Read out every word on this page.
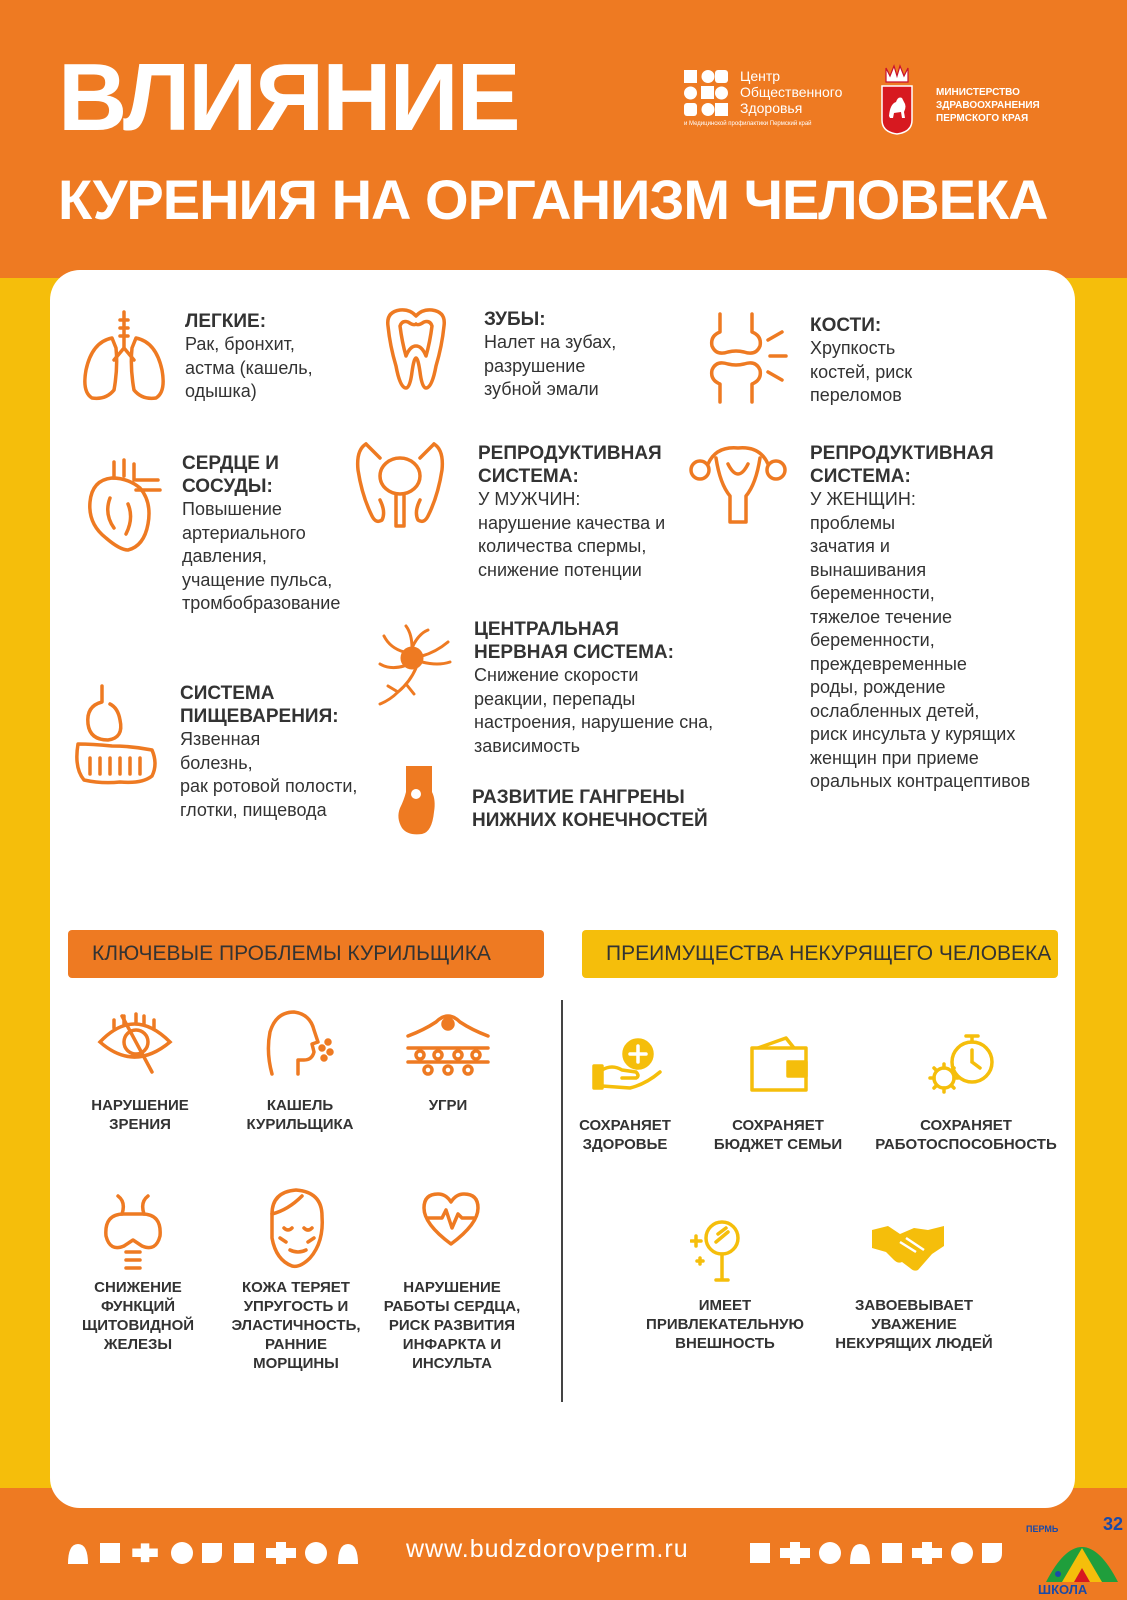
ВЛИЯНИЕ
КУРЕНИЯ НА ОРГАНИЗМ ЧЕЛОВЕКА
Центр
Общественного
Здоровья
и Медицинской профилактики Пермский край
МИНИСТЕРСТВО
ЗДРАВООХРАНЕНИЯ
ПЕРМСКОГО КРАЯ
ЛЕГКИЕ:
Рак, бронхит,
астма (кашель,
одышка)
ЗУБЫ:
Налет на зубах,
разрушение
зубной эмали
КОСТИ:
Хрупкость
костей, риск
переломов
СЕРДЦЕ И
СОСУДЫ:
Повышение
артериального
давления,
учащение пульса,
тромбобразование
РЕПРОДУКТИВНАЯ
СИСТЕМА:
У МУЖЧИН:
нарушение качества и
количества спермы,
снижение потенции
РЕПРОДУКТИВНАЯ
СИСТЕМА:
У ЖЕНЩИН:
проблемы
зачатия и
вынашивания
беременности,
тяжелое течение
беременности,
преждевременные
роды, рождение
ослабленных детей,
риск инсульта у курящих
женщин при приеме
оральных контрацептивов
ЦЕНТРАЛЬНАЯ
НЕРВНАЯ СИСТЕМА:
Снижение скорости
реакции, перепады
настроения, нарушение сна,
зависимость
СИСТЕМА
ПИЩЕВАРЕНИЯ:
Язвенная
болезнь,
рак ротовой полости,
глотки, пищевода
РАЗВИТИЕ ГАНГРЕНЫ
НИЖНИХ КОНЕЧНОСТЕЙ
КЛЮЧЕВЫЕ ПРОБЛЕМЫ КУРИЛЬЩИКА	ПРЕИМУЩЕСТВА НЕКУРЯЩЕГО ЧЕЛОВЕКА
НАРУШЕНИЕ
ЗРЕНИЯ
КАШЕЛЬ
КУРИЛЬЩИКА
УГРИ
СНИЖЕНИЕ
ФУНКЦИЙ
ЩИТОВИДНОЙ
ЖЕЛЕЗЫ
КОЖА ТЕРЯЕТ
УПРУГОСТЬ И
ЭЛАСТИЧНОСТЬ,
РАННИЕ
МОРЩИНЫ
НАРУШЕНИЕ
РАБОТЫ СЕРДЦА,
РИСК РАЗВИТИЯ
ИНФАРКТА И
ИНСУЛЬТА
СОХРАНЯЕТ
ЗДОРОВЬЕ
СОХРАНЯЕТ
БЮДЖЕТ СЕМЬИ
СОХРАНЯЕТ
РАБОТОСПОСОБНОСТЬ
ИМЕЕТ
ПРИВЛЕКАТЕЛЬНУЮ
ВНЕШНОСТЬ
ЗАВОЕВЫВАЕТ
УВАЖЕНИЕ
НЕКУРЯЩИХ ЛЮДЕЙ
www.budzdorovperm.ru
32
ПЕРМЬ
ШКОЛА
